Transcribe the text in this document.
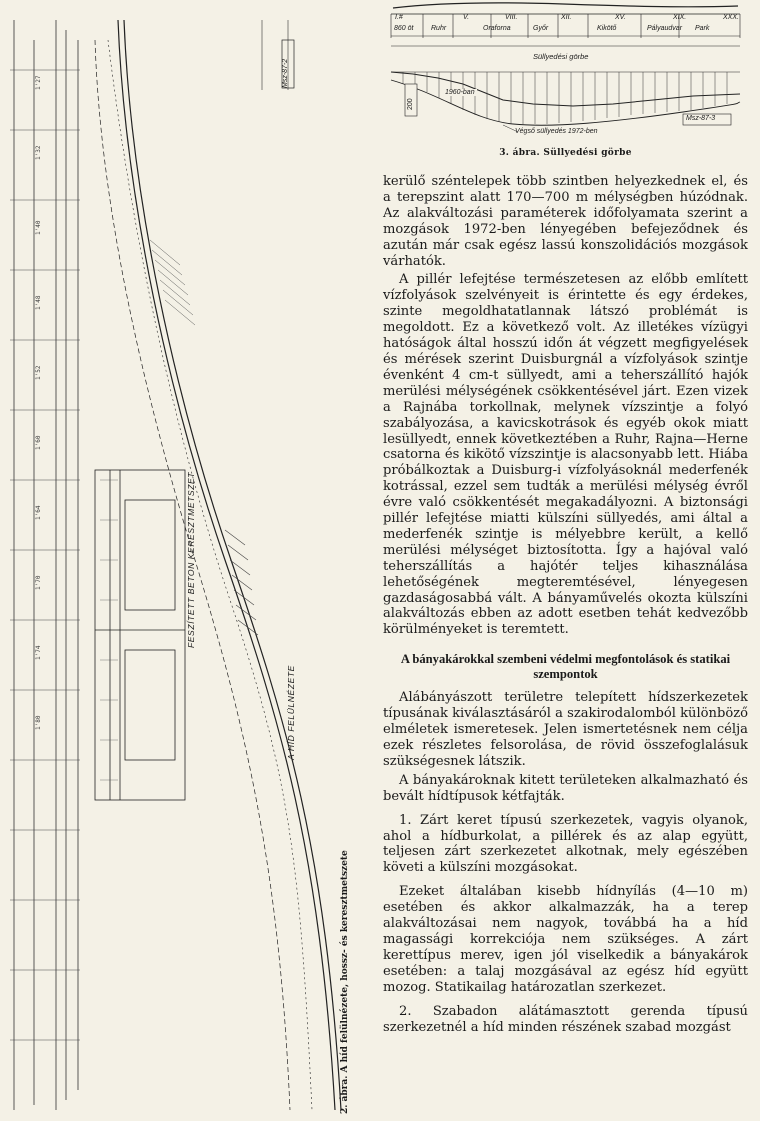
1'27
1'32
1'40
1'48
1'52
1'60
1'64
1'70
1'74
1'80
Msz-87-2
FESZÍTETT BETON KERESZTMETSZET
A HÍD FELÜLNÉZETE
2. ábra. A híd felülnézete, hossz- és keresztmetszete
I.#	V.	VIII.	XII.	XV.	XIX.	XXX.
860 öt	Ruhr	Oraforna	Győr	Kikötő	Pályaudvar Park
Süllyedési görbe
200
1960-ban
Végső süllyedés 1972-ben
Msz-87-3
3. ábra. Süllyedési görbe

kerülő széntelepek több szintben helyezkednek el, és a terepszint alatt 170—700 m mélységben húzódnak. Az alakváltozási paraméterek időfolyamata szerint a mozgások 1972-ben lényegében befejeződnek és azután már csak egész lassú konszolidációs mozgások várhatók.

A pillér lefejtése természetesen az előbb említett vízfolyások szelvényeit is érintette és egy érdekes, szinte megoldhatatlannak látszó problémát is megoldott. Ez a következő volt. Az illetékes vízügyi hatóságok által hosszú időn át végzett megfigyelések és mérések szerint Duisburgnál a vízfolyások szintje évenként 4 cm-t süllyedt, ami a teherszállító hajók merülési mélységének csökkentésével járt. Ezen vizek a Rajnába torkollnak, melynek vízszintje a folyó szabályozása, a kavicskotrások és egyéb okok miatt lesüllyedt, ennek következtében a Ruhr, Rajna—Herne csatorna és kikötő vízszintje is alacsonyabb lett. Hiába próbálkoztak a Duisburg-i vízfolyásoknál mederfenék kotrással, ezzel sem tudták a merülési mélység évről évre való csökkentését megakadályozni. A biztonsági pillér lefejtése miatti külszíni süllyedés, ami által a mederfenék szintje is mélyebbre került, a kellő merülési mélységet biztosította. Így a hajóval való teherszállítás a hajótér teljes kihasználása lehetőségének megteremtésével, lényegesen gazdaságosabbá vált. A bányaművelés okozta külszíni alakváltozás ebben az adott esetben tehát kedvezőbb körülményeket is teremtett.

A bányakárokkal szembeni védelmi megfontolások és statikai szempontok

Alábányászott területre telepített hídszerkezetek típusának kiválasztásáról a szakirodalomból különböző elméletek ismeretesek. Jelen ismertetésnek nem célja ezek részletes felsorolása, de rövid összefoglalásuk szükségesnek látszik.

A bányakároknak kitett területeken alkalmazható és bevált hídtípusok kétfajták.

1. Zárt keret típusú szerkezetek, vagyis olyanok, ahol a hídburkolat, a pillérek és az alap együtt, teljesen zárt szerkezetet alkotnak, mely egészében követi a külszíni mozgásokat.

Ezeket általában kisebb hídnyílás (4—10 m) esetében és akkor alkalmazzák, ha a terep alakváltozásai nem nagyok, továbbá ha a híd magassági korrekciója nem szükséges. A zárt kerettípus merev, igen jól viselkedik a bányakárok esetében: a talaj mozgásával az egész híd együtt mozog. Statikailag határozatlan szerkezet.

2. Szabadon alátámasztott gerenda típusú szerkezetnél a híd minden részének szabad mozgást
